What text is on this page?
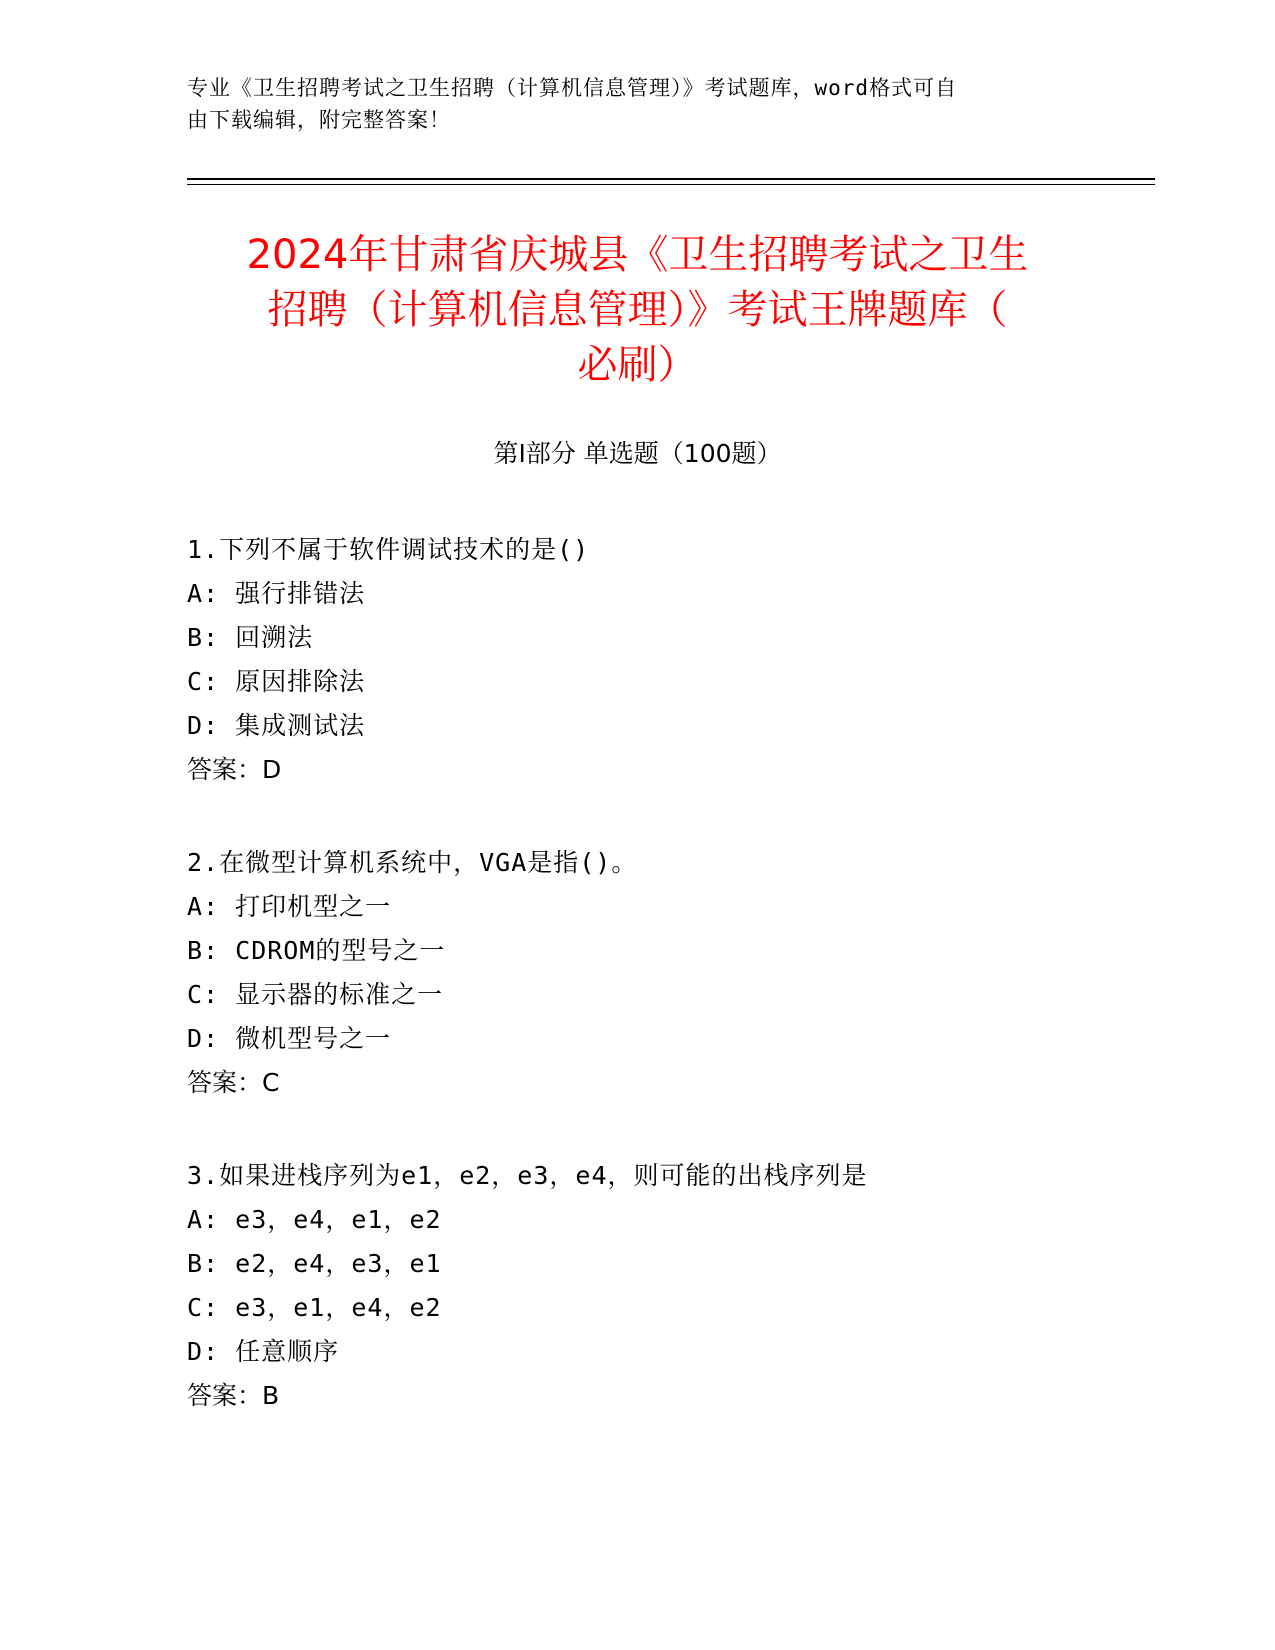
专业《卫生招聘考试之卫生招聘（计算机信息管理）》考试题库，word格式可自
由下载编辑，附完整答案！
2024年甘肃省庆城县《卫生招聘考试之卫生
招聘（计算机信息管理）》考试王牌题库（
必刷）
第Ⅰ部分 单选题（100题）
1.下列不属于软件调试技术的是()
A: 强行排错法
B: 回溯法
C: 原因排除法
D: 集成测试法
答案：D
2.在微型计算机系统中，VGA是指()。
A: 打印机型之一
B: CDROM的型号之一
C: 显示器的标准之一
D: 微机型号之一
答案：C
3.如果进栈序列为e1，e2，e3，e4，则可能的出栈序列是
A: e3，e4，e1，e2
B: e2，e4，e3，e1
C: e3，e1，e4，e2
D: 任意顺序
答案：B
